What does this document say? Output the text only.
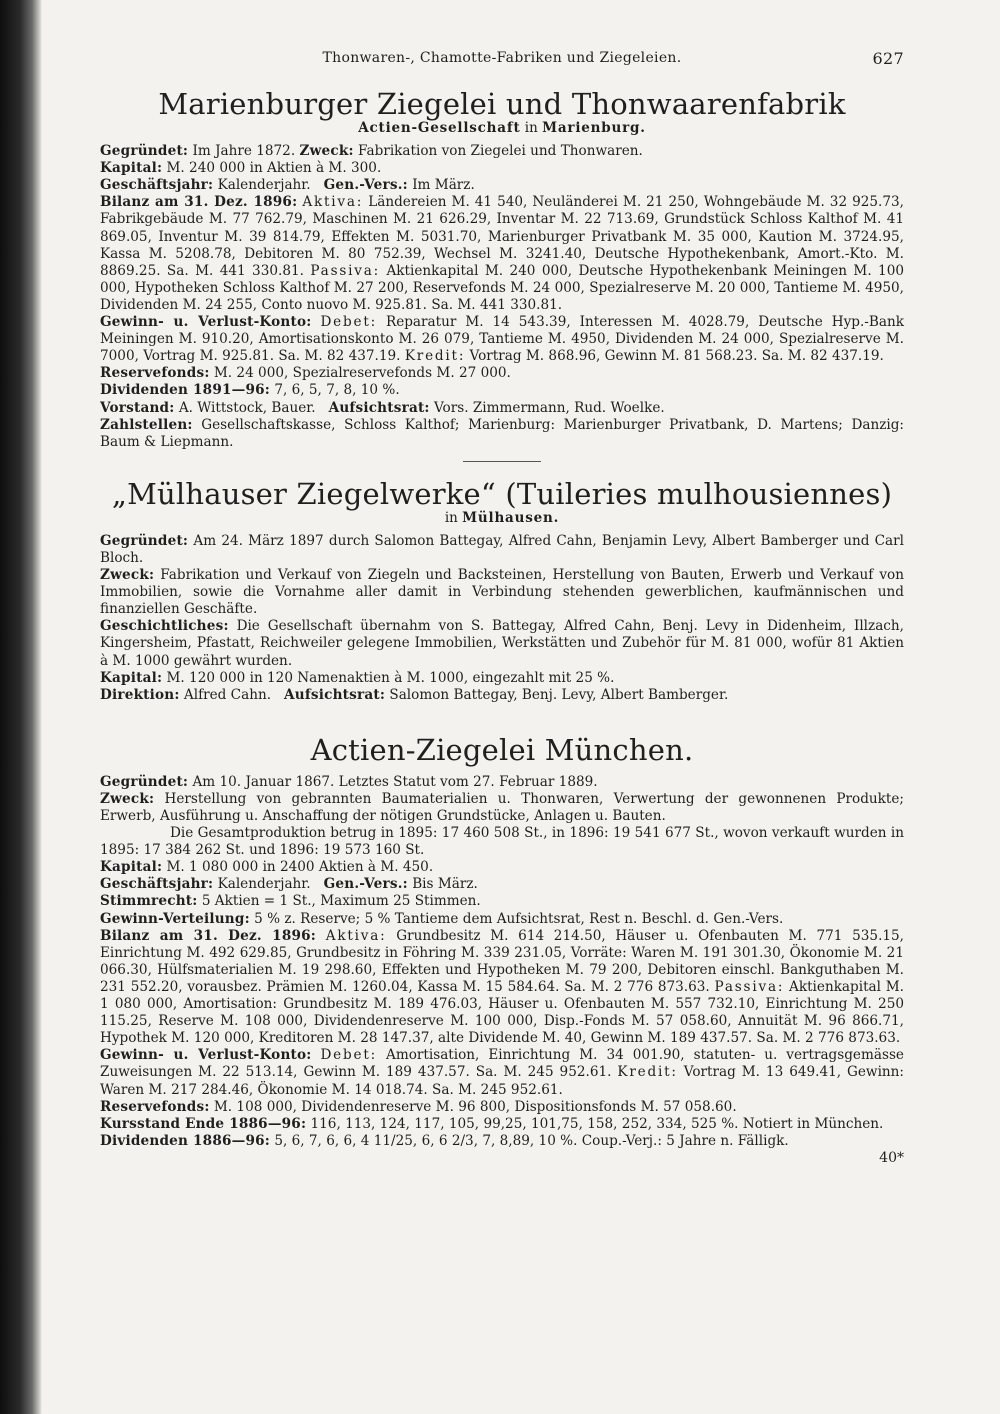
Thonwaren-, Chamotte-Fabriken und Ziegeleien.	627
Marienburger Ziegelei und Thonwaarenfabrik
Actien-Gesellschaft in Marienburg.

Gegründet: Im Jahre 1872. Zweck: Fabrikation von Ziegelei und Thonwaren.

Kapital: M. 240 000 in Aktien à M. 300.

Geschäftsjahr: Kalenderjahr. Gen.-Vers.: Im März.

Bilanz am 31. Dez. 1896: Aktiva: Ländereien M. 41 540, Neuländerei M. 21 250, Wohngebäude M. 32 925.73, Fabrikgebäude M. 77 762.79, Maschinen M. 21 626.29, Inventar M. 22 713.69, Grundstück Schloss Kalthof M. 41 869.05, Inventur M. 39 814.79, Effekten M. 5031.70, Marienburger Privatbank M. 35 000, Kaution M. 3724.95, Kassa M. 5208.78, Debitoren M. 80 752.39, Wechsel M. 3241.40, Deutsche Hypothekenbank, Amort.-Kto. M. 8869.25. Sa. M. 441 330.81. Passiva: Aktienkapital M. 240 000, Deutsche Hypothekenbank Meiningen M. 100 000, Hypotheken Schloss Kalthof M. 27 200, Reservefonds M. 24 000, Spezialreserve M. 20 000, Tantieme M. 4950, Dividenden M. 24 255, Conto nuovo M. 925.81. Sa. M. 441 330.81.

Gewinn- u. Verlust-Konto: Debet: Reparatur M. 14 543.39, Interessen M. 4028.79, Deutsche Hyp.-Bank Meiningen M. 910.20, Amortisationskonto M. 26 079, Tantieme M. 4950, Dividenden M. 24 000, Spezialreserve M. 7000, Vortrag M. 925.81. Sa. M. 82 437.19. Kredit: Vortrag M. 868.96, Gewinn M. 81 568.23. Sa. M. 82 437.19.

Reservefonds: M. 24 000, Spezialreservefonds M. 27 000.

Dividenden 1891—96: 7, 6, 5, 7, 8, 10 %.

Vorstand: A. Wittstock, Bauer. Aufsichtsrat: Vors. Zimmermann, Rud. Woelke.

Zahlstellen: Gesellschaftskasse, Schloss Kalthof; Marienburg: Marienburger Privatbank, D. Martens; Danzig: Baum & Liepmann.

„Mülhauser Ziegelwerke“ (Tuileries mulhousiennes)
in Mülhausen.

Gegründet: Am 24. März 1897 durch Salomon Battegay, Alfred Cahn, Benjamin Levy, Albert Bamberger und Carl Bloch.

Zweck: Fabrikation und Verkauf von Ziegeln und Backsteinen, Herstellung von Bauten, Erwerb und Verkauf von Immobilien, sowie die Vornahme aller damit in Verbindung stehenden gewerblichen, kaufmännischen und finanziellen Geschäfte.

Geschichtliches: Die Gesellschaft übernahm von S. Battegay, Alfred Cahn, Benj. Levy in Didenheim, Illzach, Kingersheim, Pfastatt, Reichweiler gelegene Immobilien, Werkstätten und Zubehör für M. 81 000, wofür 81 Aktien à M. 1000 gewährt wurden.

Kapital: M. 120 000 in 120 Namenaktien à M. 1000, eingezahlt mit 25 %.

Direktion: Alfred Cahn. Aufsichtsrat: Salomon Battegay, Benj. Levy, Albert Bamberger.

Actien-Ziegelei München.

Gegründet: Am 10. Januar 1867. Letztes Statut vom 27. Februar 1889.

Zweck: Herstellung von gebrannten Baumaterialien u. Thonwaren, Verwertung der gewonnenen Produkte; Erwerb, Ausführung u. Anschaffung der nötigen Grundstücke, Anlagen u. Bauten.

Die Gesamtproduktion betrug in 1895: 17 460 508 St., in 1896: 19 541 677 St., wovon verkauft wurden in 1895: 17 384 262 St. und 1896: 19 573 160 St.

Kapital: M. 1 080 000 in 2400 Aktien à M. 450.

Geschäftsjahr: Kalenderjahr. Gen.-Vers.: Bis März.

Stimmrecht: 5 Aktien = 1 St., Maximum 25 Stimmen.

Gewinn-Verteilung: 5 % z. Reserve; 5 % Tantieme dem Aufsichtsrat, Rest n. Beschl. d. Gen.-Vers.

Bilanz am 31. Dez. 1896: Aktiva: Grundbesitz M. 614 214.50, Häuser u. Ofenbauten M. 771 535.15, Einrichtung M. 492 629.85, Grundbesitz in Föhring M. 339 231.05, Vorräte: Waren M. 191 301.30, Ökonomie M. 21 066.30, Hülfsmaterialien M. 19 298.60, Effekten und Hypotheken M. 79 200, Debitoren einschl. Bankguthaben M. 231 552.20, vorausbez. Prämien M. 1260.04, Kassa M. 15 584.64. Sa. M. 2 776 873.63. Passiva: Aktienkapital M. 1 080 000, Amortisation: Grundbesitz M. 189 476.03, Häuser u. Ofenbauten M. 557 732.10, Einrichtung M. 250 115.25, Reserve M. 108 000, Dividendenreserve M. 100 000, Disp.-Fonds M. 57 058.60, Annuität M. 96 866.71, Hypothek M. 120 000, Kreditoren M. 28 147.37, alte Dividende M. 40, Gewinn M. 189 437.57. Sa. M. 2 776 873.63.

Gewinn- u. Verlust-Konto: Debet: Amortisation, Einrichtung M. 34 001.90, statuten- u. vertragsgemässe Zuweisungen M. 22 513.14, Gewinn M. 189 437.57. Sa. M. 245 952.61. Kredit: Vortrag M. 13 649.41, Gewinn: Waren M. 217 284.46, Ökonomie M. 14 018.74. Sa. M. 245 952.61.

Reservefonds: M. 108 000, Dividendenreserve M. 96 800, Dispositionsfonds M. 57 058.60.

Kursstand Ende 1886—96: 116, 113, 124, 117, 105, 99,25, 101,75, 158, 252, 334, 525 %. Notiert in München.

Dividenden 1886—96: 5, 6, 7, 6, 6, 4 11/25, 6, 6 2/3, 7, 8,89, 10 %. Coup.-Verj.: 5 Jahre n. Fälligk.

40*
